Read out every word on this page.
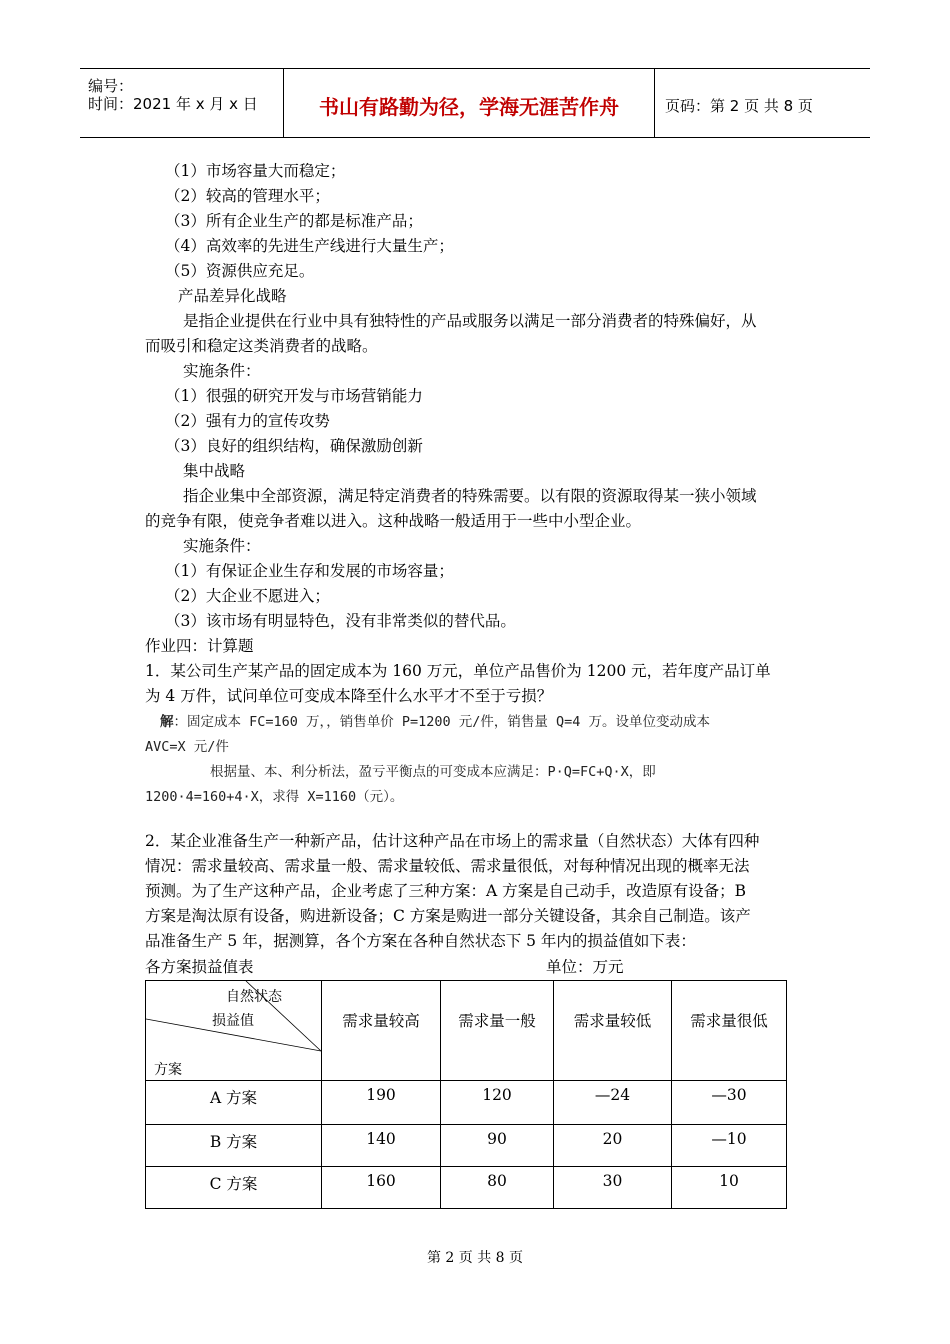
编号：
时间：2021 年 x 月 x 日	书山有路勤为径，学海无涯苦作舟	页码：第 2 页 共 8 页
（1）市场容量大而稳定；
（2）较高的管理水平；
（3）所有企业生产的都是标准产品；
（4）高效率的先进生产线进行大量生产；
（5）资源供应充足。
产品差异化战略
是指企业提供在行业中具有独特性的产品或服务以满足一部分消费者的特殊偏好，从
而吸引和稳定这类消费者的战略。
实施条件：
（1）很强的研究开发与市场营销能力
（2）强有力的宣传攻势
（3）良好的组织结构，确保激励创新
集中战略
指企业集中全部资源，满足特定消费者的特殊需要。以有限的资源取得某一狭小领域
的竞争有限，使竞争者难以进入。这种战略一般适用于一些中小型企业。
实施条件：
（1）有保证企业生存和发展的市场容量；
（2）大企业不愿进入；
（3）该市场有明显特色，没有非常类似的替代品。
作业四：计算题
1．某公司生产某产品的固定成本为 160 万元，单位产品售价为 1200 元，若年度产品订单
为 4 万件，试问单位可变成本降至什么水平才不至于亏损？
解：固定成本 FC=160 万，，销售单价 P=1200 元/件，销售量 Q=4 万。设单位变动成本
AVC=X 元/件
根据量、本、利分析法，盈亏平衡点的可变成本应满足：P·Q=FC+Q·X，即
1200·4=160+4·X，求得 X=1160（元）。
2．某企业准备生产一种新产品，估计这种产品在市场上的需求量（自然状态）大体有四种
情况：需求量较高、需求量一般、需求量较低、需求量很低，对每种情况出现的概率无法
预测。为了生产这种产品，企业考虑了三种方案：A 方案是自己动手，改造原有设备；B
方案是淘汰原有设备，购进新设备；C 方案是购进一部分关键设备，其余自己制造。该产
品准备生产 5 年，据测算，各个方案在各种自然状态下 5 年内的损益值如下表：
各方案损益值表	单位：万元
自然状态
损益值
方案	需求量较高	需求量一般	需求量较低	需求量很低
A 方案	190	120	—24	—30
B 方案	140	90	20	—10
C 方案	160	80	30	10
第 2 页 共 8 页
